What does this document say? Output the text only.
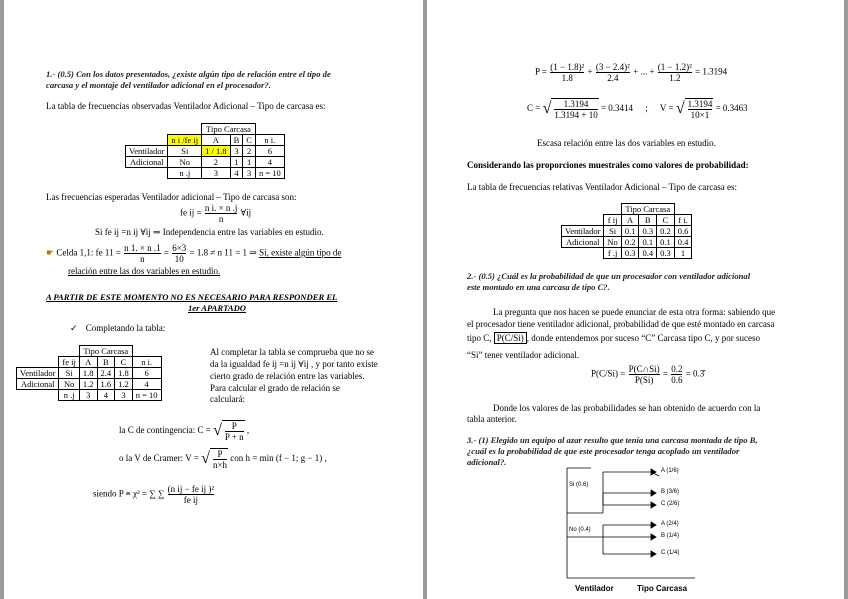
1.- (0.5) Con los datos presentados, ¿existe algún tipo de relación entre el tipo de
carcasa y el montaje del ventilador adicional en el procesador?.
La tabla de frecuencias observadas Ventilador Adicional – Tipo de carcasa es:
		Tipo Carcasa			
	n i /fe ij	A	B	C	n i.
Ventilador	Si	1 / 1.8	3	2	6
Adicional	No	2	1	1	4
	n .j	3	4	3	n = 10
Las frecuencias esperadas Ventilador adicional – Tipo de carcasa son:
fe ij = $\frac{\text{n i. × n .j}}{n}$ ∀ij
Si fe ij =n ij ∀ij ⇒ Independencia entre las variables en estudio.
☛ Celda 1,1: fe $11 = \frac{n 1. \times n .1}{n} = \frac{6\times 3}{10} = 1.8 \ne n$ 11 = 1 ⇒ Sí, existe algún tipo de
relación entre las dos variables en estudio.
A PARTIR DE ESTE MOMENTO NO ES NECESARIO PARA RESPONDER EL
1er APARTADO
✓ Completando la tabla:
		Tipo Carcasa			
	fe ij	A	B	C	n i.
Ventilador	Si	1.8	2.4	1.8	6
Adicional	No	1.2	1.6	1.2	4
	n .j	3	4	3	n = 10
Al completar la tabla se comprueba que no se
da la igualdad fe ij =n ij ∀ij , y por tanto existe
cierto grado de relación entre las variables.
Para calcular el grado de relación se
calculará:
la C de contingencia: C = √ $\frac{P}{P + n}$ ,
o la V de Cramer: V = √ $\frac{P}{n\times h}$ con h = min (f − 1; g − 1) ,
siendo P ≡ χ² = ∑ ∑ $\frac{\text{(n ij − fe ij )²}}{\text{fe ij}}$
$P = \frac{\text{(1 − 1.8)²}}{1.8} + \frac{\text{(3 − 2.4)²}}{2.4}$ + ... + $\frac{\text{(1 − 1.2)²}}{1.2} = 1.3194$
C = √ $\frac{1.3194}{1.3194 + 10} = 0.3414$ ; V = √ $\frac{1.3194}{10\times 1} = 0.3463$
Escasa relación entre las dos variables en estudio.
Considerando las proporciones muestrales como valores de probabilidad:
La tabla de frecuencias relativas Ventilador Adicional – Tipo de carcasa es:
		Tipo Carcasa			
	f ij	A	B	C	f i.
Ventilador	Si	0.1	0.3	0.2	0.6
Adicional	No	0.2	0.1	0.1	0.4
	f .j	0.3	0.4	0.3	1
2.- (0.5) ¿Cuál es la probabilidad de que un procesador con ventilador adicional
este montado en una carcasa de tipo C?.
La pregunta que nos hacen se puede enunciar de esta otra forma: sabiendo que
el procesador tiene ventilador adicional, probabilidad de que esté montado en carcasa
tipo C, P(C/Si) , donde entendemos por suceso “C” Carcasa tipo C, y por suceso
“Si” tener ventilador adicional.
$P(C/Si) = \frac{P(C\cap Si)}{P(Si)} = \frac{0.2}{0.6}$ = 0.3̂
Donde los valores de las probabilidades se han obtenido de acuerdo con la
tabla anterior.
3.- (1) Elegido un equipo al azar resulto que tenía una carcasa montada de tipo B,
¿cuál es la probabilidad de que este procesador tenga acoplado un ventilador
adicional?.
Si (0.6)
No (0.4)
A (1/6)
B (3/6)
C (2/6)
A (2/4)
B (1/4)
C (1/4)
Ventilador	Tipo Carcasa
